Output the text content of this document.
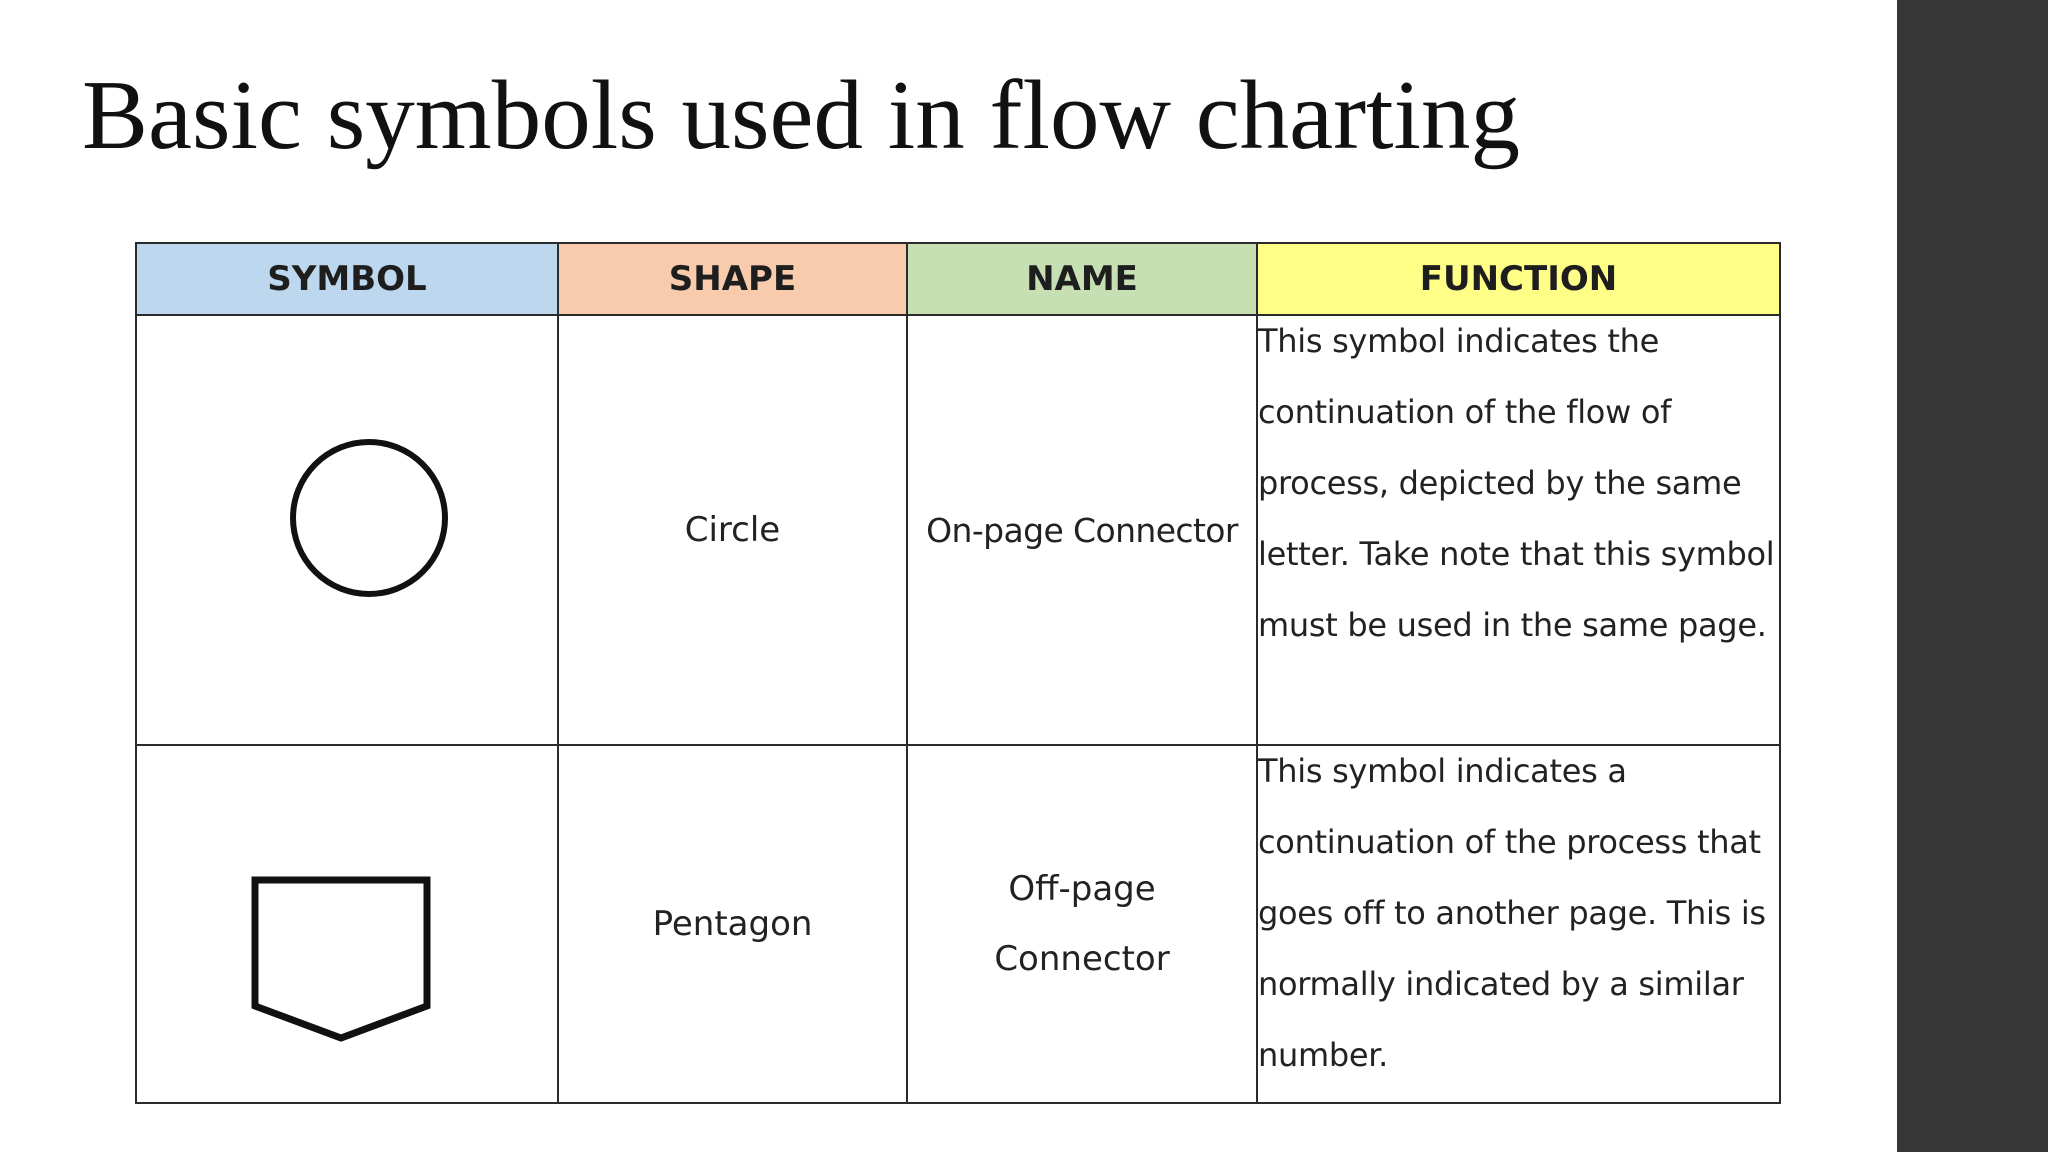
Basic symbols used in flow charting
SYMBOL	SHAPE	NAME	FUNCTION

	Circle	On-page Connector	This symbol indicates the continuation of the flow of process, depicted by the same letter. Take note that this symbol must be used in the same page.

	Pentagon	Off-page Connector	This symbol indicates a continuation of the process that goes off to another page. This is normally indicated by a similar number.
